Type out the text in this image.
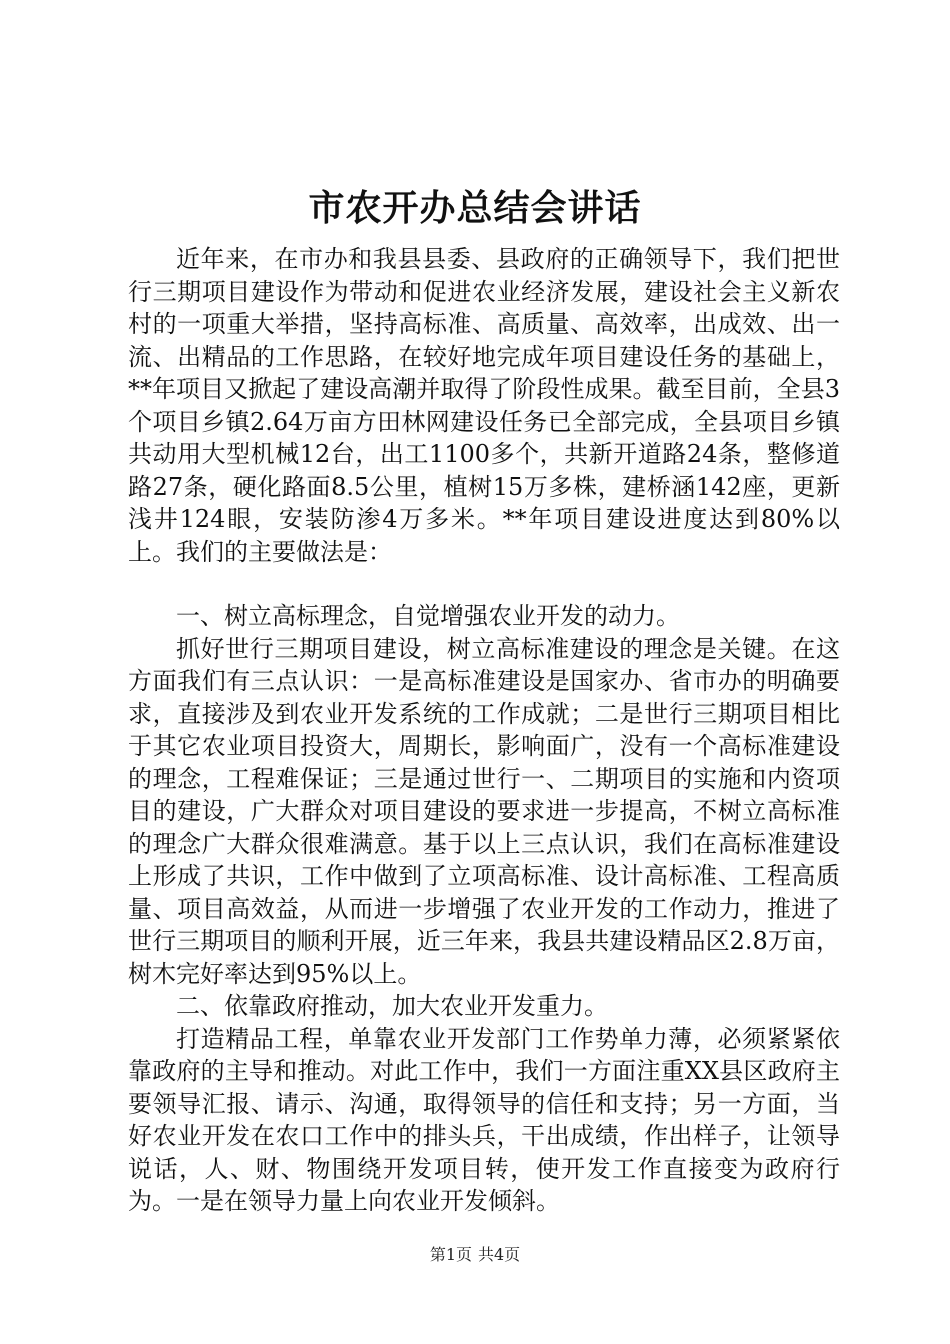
市农开办总结会讲话

近年来，在市办和我县县委、县政府的正确领导下，我们把世行三期项目建设作为带动和促进农业经济发展，建设社会主义新农村的一项重大举措，坚持高标准、高质量、高效率，出成效、出一流、出精品的工作思路，在较好地完成年项目建设任务的基础上，**年项目又掀起了建设高潮并取得了阶段性成果。截至目前，全县3个项目乡镇2.64万亩方田林网建设任务已全部完成，全县项目乡镇共动用大型机械12台，出工1100多个，共新开道路24条，整修道路27条，硬化路面8.5公里，植树15万多株，建桥涵142座，更新浅井124眼，安装防渗4万多米。**年项目建设进度达到80%以上。我们的主要做法是：

一、树立高标理念，自觉增强农业开发的动力。

抓好世行三期项目建设，树立高标准建设的理念是关键。在这方面我们有三点认识：一是高标准建设是国家办、省市办的明确要求，直接涉及到农业开发系统的工作成就；二是世行三期项目相比于其它农业项目投资大，周期长，影响面广，没有一个高标准建设的理念，工程难保证；三是通过世行一、二期项目的实施和内资项目的建设，广大群众对项目建设的要求进一步提高，不树立高标准的理念广大群众很难满意。基于以上三点认识，我们在高标准建设上形成了共识，工作中做到了立项高标准、设计高标准、工程高质量、项目高效益，从而进一步增强了农业开发的工作动力，推进了世行三期项目的顺利开展，近三年来，我县共建设精品区2.8万亩，树木完好率达到95%以上。

二、依靠政府推动，加大农业开发重力。

打造精品工程，单靠农业开发部门工作势单力薄，必须紧紧依靠政府的主导和推动。对此工作中，我们一方面注重XX县区政府主要领导汇报、请示、沟通，取得领导的信任和支持；另一方面，当好农业开发在农口工作中的排头兵，干出成绩，作出样子，让领导说话，人、财、物围绕开发项目转，使开发工作直接变为政府行为。一是在领导力量上向农业开发倾斜。

第1页 共4页
